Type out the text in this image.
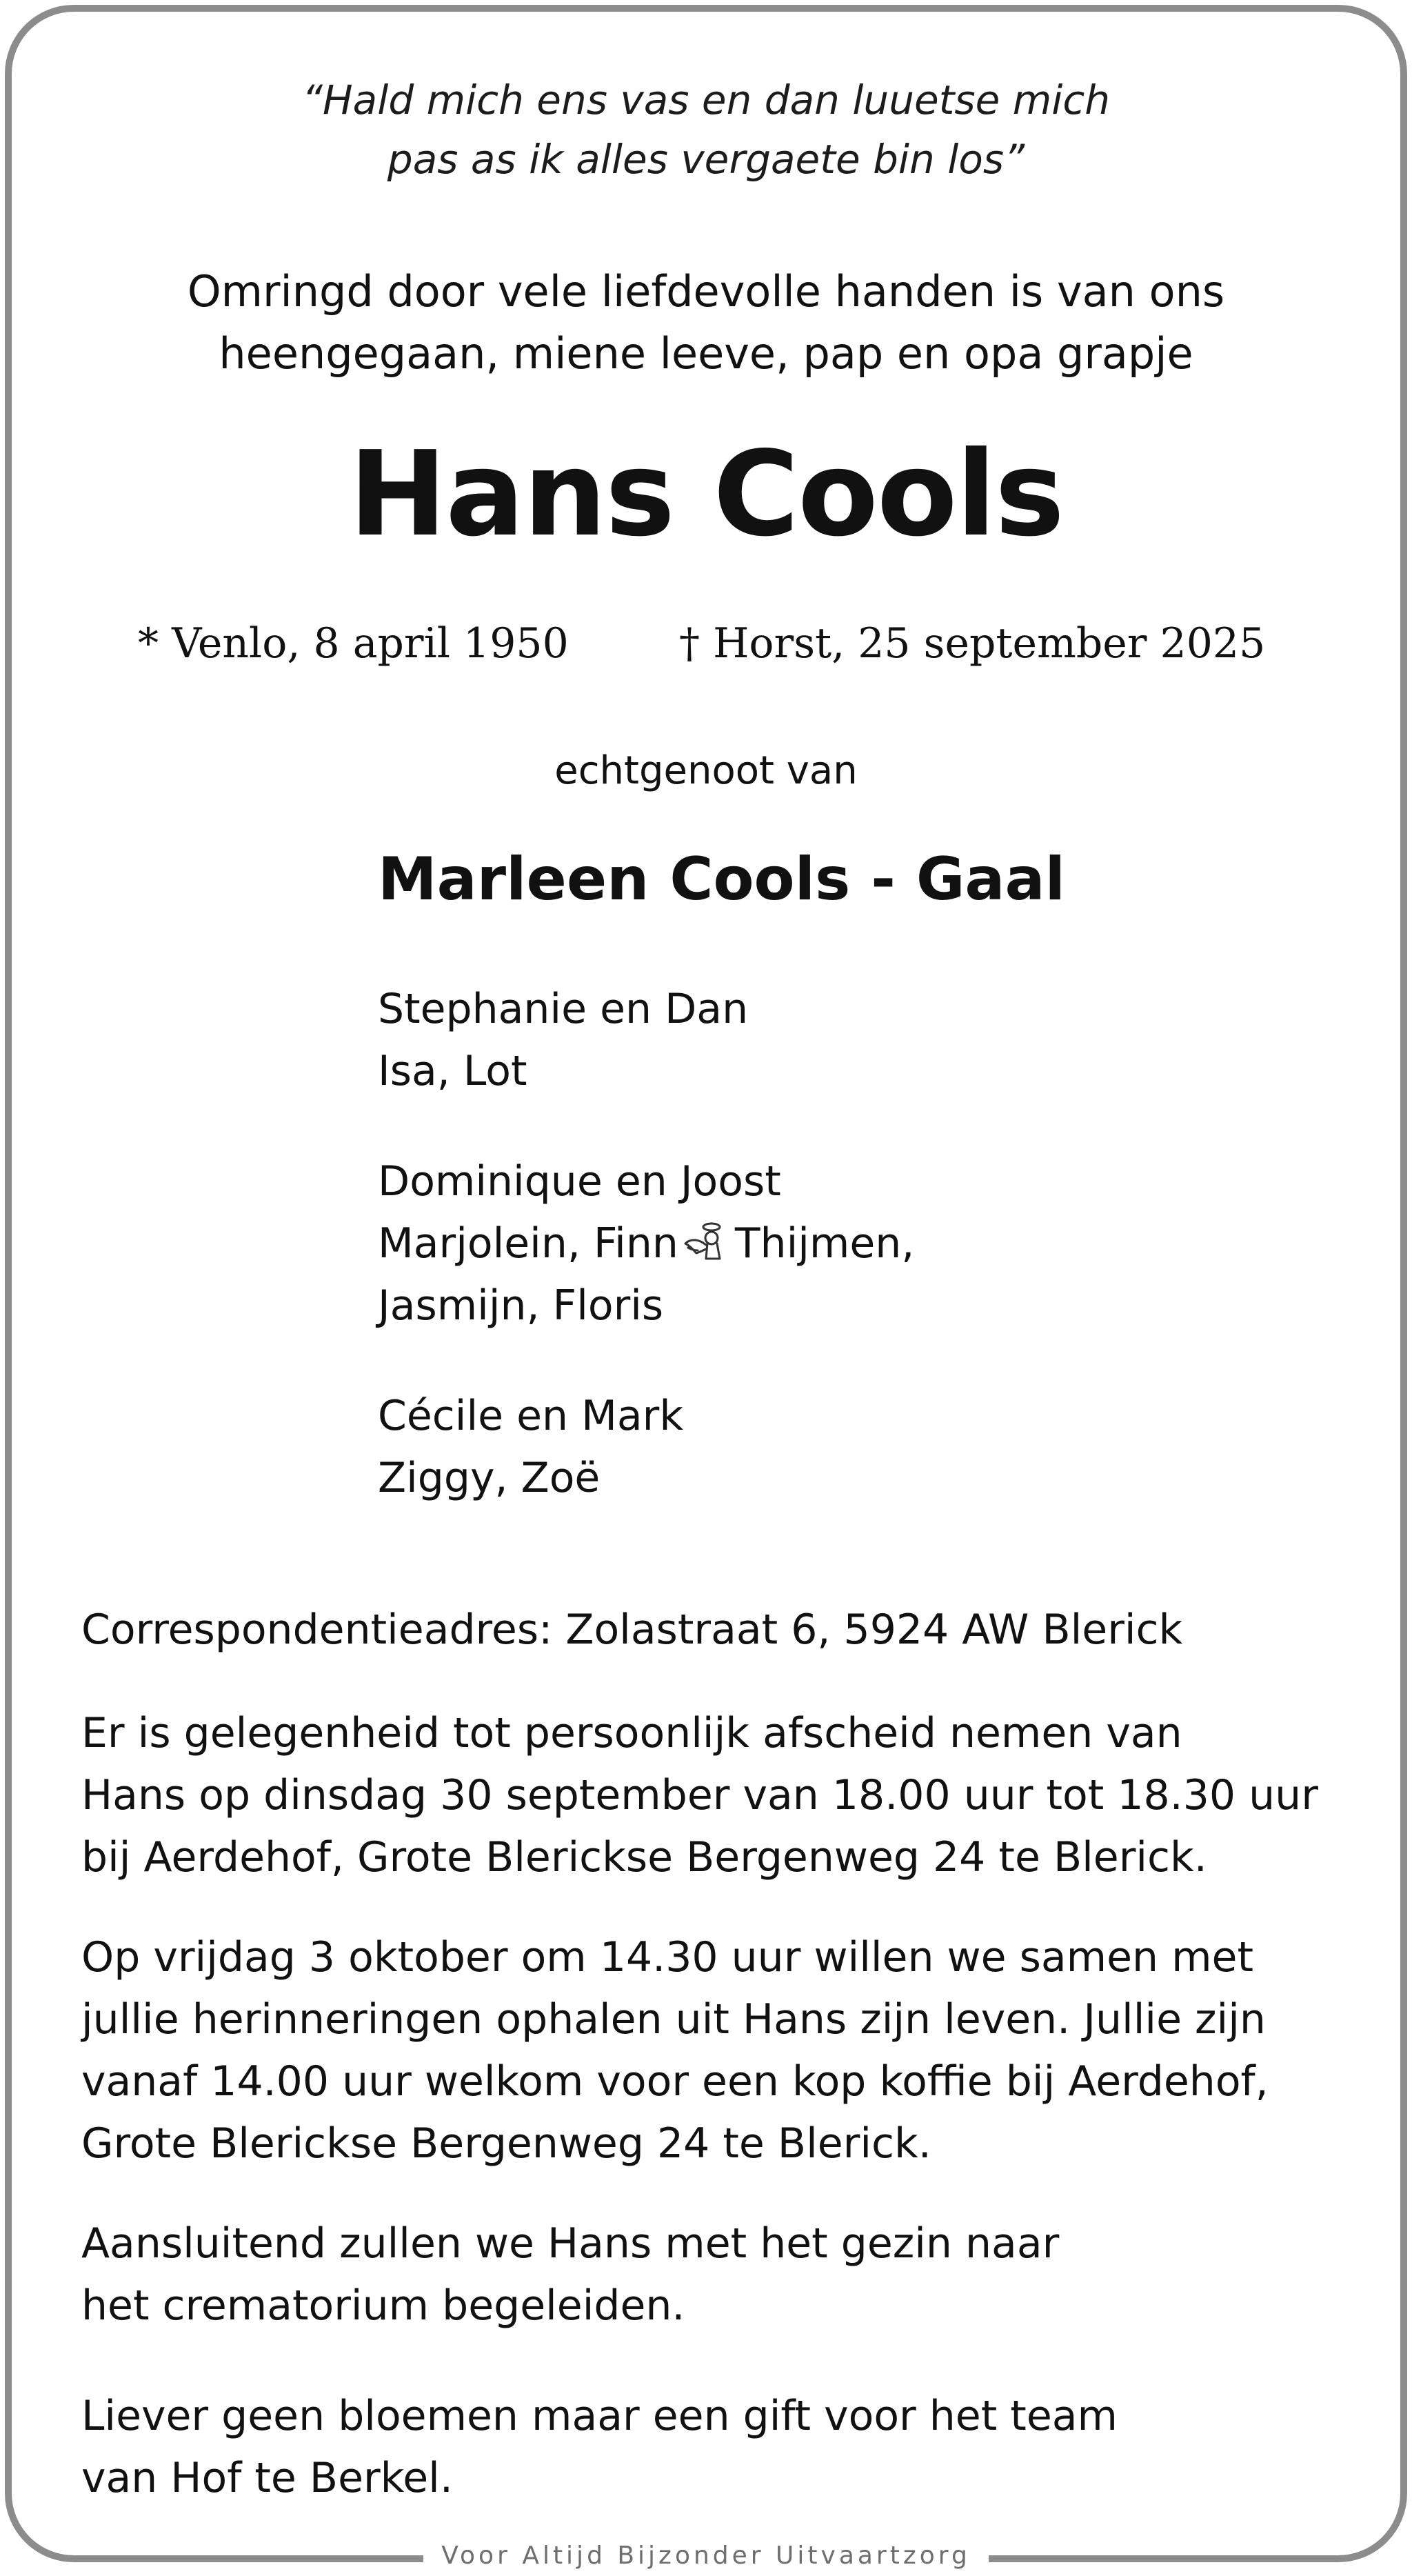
“Hald mich ens vas en dan luuetse mich
pas as ik alles vergaete bin los”
Omringd door vele liefdevolle handen is van ons
heengegaan, miene leeve, pap en opa grapje
Hans Cools
* Venlo, 8 april 1950	† Horst, 25 september 2025
echtgenoot van
Marleen Cools - Gaal
Stephanie en Dan
Isa, Lot
Dominique en Joost
Marjolein, Finn Thijmen,
Jasmijn, Floris
Cécile en Mark
Ziggy, Zoë
Correspondentieadres: Zolastraat 6, 5924 AW Blerick
Er is gelegenheid tot persoonlijk afscheid nemen van
Hans op dinsdag 30 september van 18.00 uur tot 18.30 uur
bij Aerdehof, Grote Blerickse Bergenweg 24 te Blerick.
Op vrijdag 3 oktober om 14.30 uur willen we samen met
jullie herinneringen ophalen uit Hans zijn leven. Jullie zijn
vanaf 14.00 uur welkom voor een kop koffie bij Aerdehof,
Grote Blerickse Bergenweg 24 te Blerick.
Aansluitend zullen we Hans met het gezin naar
het crematorium begeleiden.
Liever geen bloemen maar een gift voor het team
van Hof te Berkel.
Voor Altijd Bijzonder Uitvaartzorg
